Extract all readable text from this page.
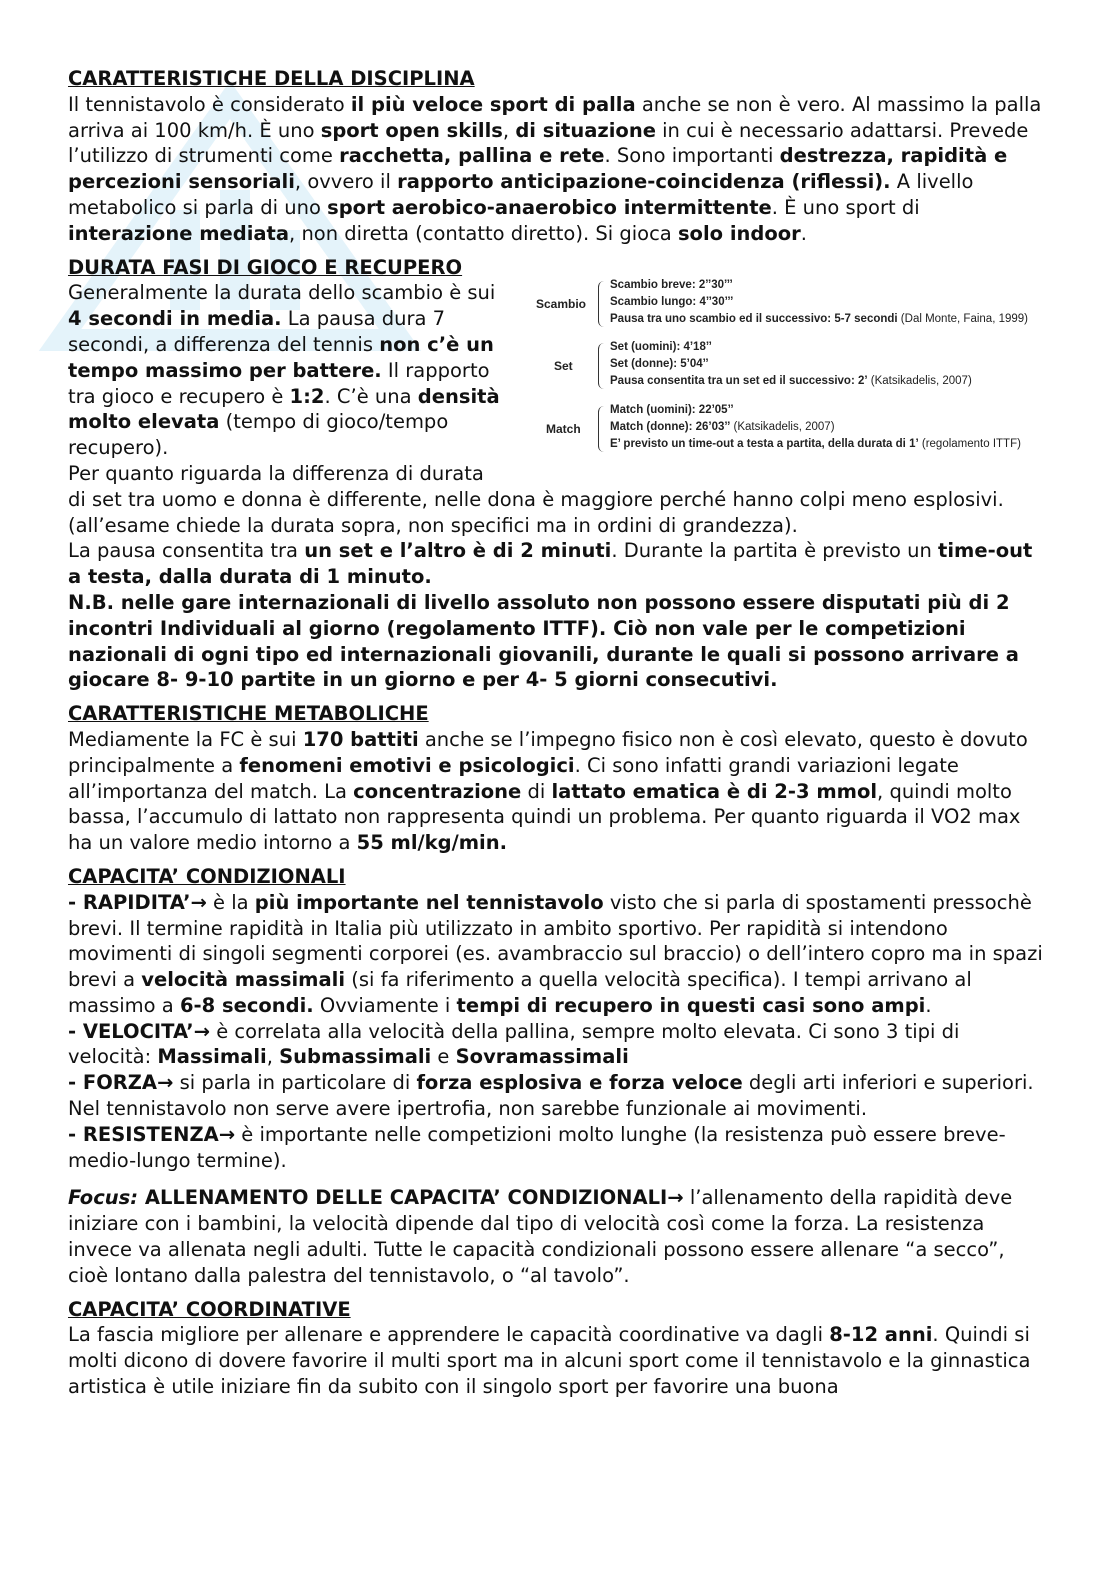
CARATTERISTICHE DELLA DISCIPLINA

Il tennistavolo è considerato il più veloce sport di palla anche se non è vero. Al massimo la palla arriva ai 100 km/h. È uno sport open skills, di situazione in cui è necessario adattarsi. Prevede l’utilizzo di strumenti come racchetta, pallina e rete. Sono importanti destrezza, rapidità e percezioni sensoriali, ovvero il rapporto anticipazione-coincidenza (riflessi). A livello metabolico si parla di uno sport aerobico-anaerobico intermittente. È uno sport di interazione mediata, non diretta (contatto diretto). Si gioca solo indoor.

DURATA FASI DI GIOCO E RECUPERO

Generalmente la durata dello scambio è sui 4 secondi in media. La pausa dura 7 secondi, a differenza del tennis non c’è un tempo massimo per battere. Il rapporto tra gioco e recupero è 1:2. C’è una densità molto elevata (tempo di gioco/tempo recupero).

Per quanto riguarda la differenza di durata

di set tra uomo e donna è differente, nelle dona è maggiore perché hanno colpi meno esplosivi. (all’esame chiede la durata sopra, non specifici ma in ordini di grandezza).

La pausa consentita tra un set e l’altro è di 2 minuti. Durante la partita è previsto un time-out a testa, dalla durata di 1 minuto.

N.B. nelle gare internazionali di livello assoluto non possono essere disputati più di 2 incontri Individuali al giorno (regolamento ITTF). Ciò non vale per le competizioni nazionali di ogni tipo ed internazionali giovanili, durante le quali si possono arrivare a giocare 8- 9-10 partite in un giorno e per 4- 5 giorni consecutivi.

Scambio
Scambio breve: 2’’30’’’
Scambio lungo: 4’’30’’’
Pausa tra uno scambio ed il successivo: 5-7 secondi (Dal Monte, Faina, 1999)
Set
Set (uomini): 4’18’’
Set (donne): 5’04’’
Pausa consentita tra un set ed il successivo: 2’ (Katsikadelis, 2007)
Match
Match (uomini): 22’05’’
Match (donne): 26’03’’ (Katsikadelis, 2007)
E’ previsto un time-out a testa a partita, della durata di 1’ (regolamento ITTF)

CARATTERISTICHE METABOLICHE

Mediamente la FC è sui 170 battiti anche se l’impegno fisico non è così elevato, questo è dovuto principalmente a fenomeni emotivi e psicologici. Ci sono infatti grandi variazioni legate all’importanza del match. La concentrazione di lattato ematica è di 2-3 mmol, quindi molto bassa, l’accumulo di lattato non rappresenta quindi un problema. Per quanto riguarda il VO2 max ha un valore medio intorno a 55 ml/kg/min.

CAPACITA’ CONDIZIONALI

- RAPIDITA’→ è la più importante nel tennistavolo visto che si parla di spostamenti pressochè brevi. Il termine rapidità in Italia più utilizzato in ambito sportivo. Per rapidità si intendono movimenti di singoli segmenti corporei (es. avambraccio sul braccio) o dell’intero copro ma in spazi brevi a velocità massimali (si fa riferimento a quella velocità specifica). I tempi arrivano al massimo a 6-8 secondi. Ovviamente i tempi di recupero in questi casi sono ampi.

- VELOCITA’→ è correlata alla velocità della pallina, sempre molto elevata. Ci sono 3 tipi di velocità: Massimali, Submassimali e Sovramassimali

- FORZA→ si parla in particolare di forza esplosiva e forza veloce degli arti inferiori e superiori. Nel tennistavolo non serve avere ipertrofia, non sarebbe funzionale ai movimenti.

- RESISTENZA→ è importante nelle competizioni molto lunghe (la resistenza può essere breve-medio-lungo termine).

Focus: ALLENAMENTO DELLE CAPACITA’ CONDIZIONALI→ l’allenamento della rapidità deve iniziare con i bambini, la velocità dipende dal tipo di velocità così come la forza. La resistenza invece va allenata negli adulti. Tutte le capacità condizionali possono essere allenare “a secco”, cioè lontano dalla palestra del tennistavolo, o “al tavolo”.

CAPACITA’ COORDINATIVE

La fascia migliore per allenare e apprendere le capacità coordinative va dagli 8-12 anni. Quindi si molti dicono di dovere favorire il multi sport ma in alcuni sport come il tennistavolo e la ginnastica artistica è utile iniziare fin da subito con il singolo sport per favorire una buona
